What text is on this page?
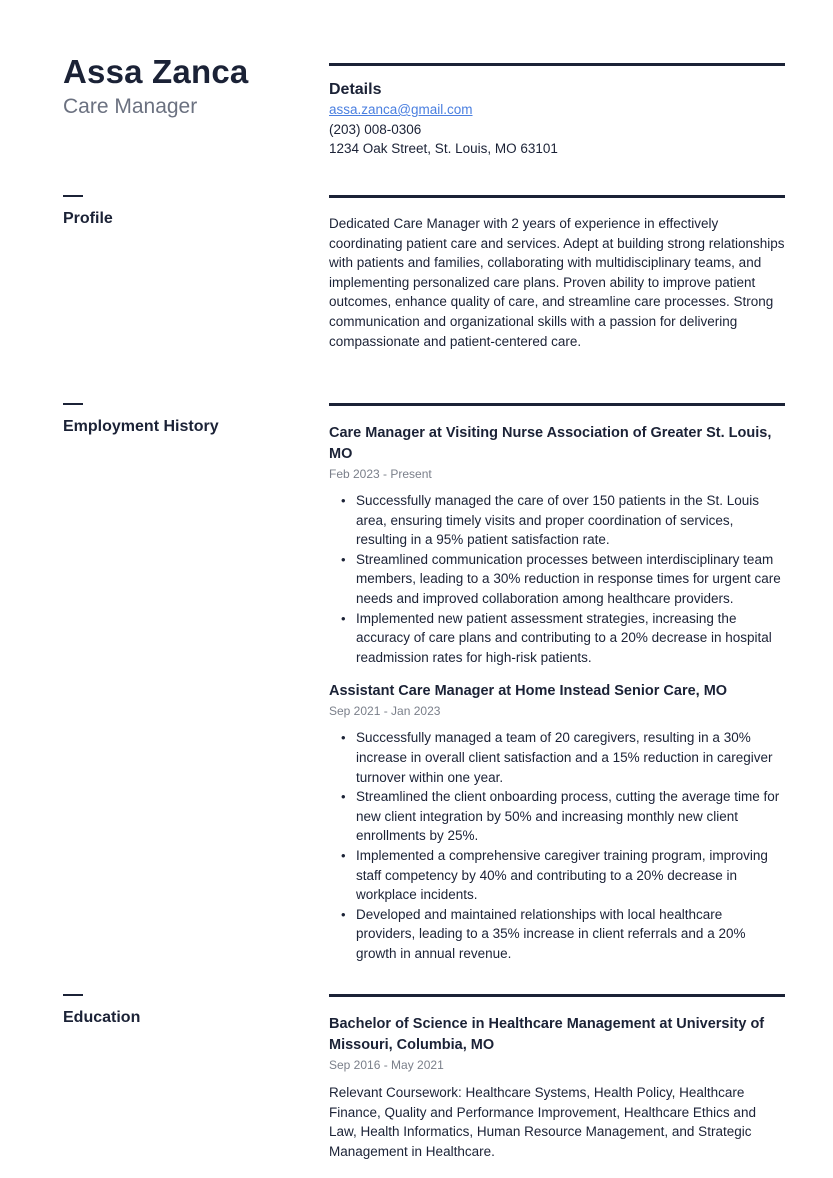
Assa Zanca
Care Manager
Details
assa.zanca@gmail.com
(203) 008-0306
1234 Oak Street, St. Louis, MO 63101
Profile	Dedicated Care Manager with 2 years of experience in effectively coordinating patient care and services. Adept at building strong relationships with patients and families, collaborating with multidisciplinary teams, and implementing personalized care plans. Proven ability to improve patient outcomes, enhance quality of care, and streamline care processes. Strong communication and organizational skills with a passion for delivering compassionate and patient-centered care.
Employment History	Care Manager at Visiting Nurse Association of Greater St. Louis, MO
Feb 2023 - Present
• Successfully managed the care of over 150 patients in the St. Louis area, ensuring timely visits and proper coordination of services, resulting in a 95% patient satisfaction rate.
• Streamlined communication processes between interdisciplinary team members, leading to a 30% reduction in response times for urgent care needs and improved collaboration among healthcare providers.
• Implemented new patient assessment strategies, increasing the accuracy of care plans and contributing to a 20% decrease in hospital readmission rates for high-risk patients.
Assistant Care Manager at Home Instead Senior Care, MO
Sep 2021 - Jan 2023
• Successfully managed a team of 20 caregivers, resulting in a 30% increase in overall client satisfaction and a 15% reduction in caregiver turnover within one year.
• Streamlined the client onboarding process, cutting the average time for new client integration by 50% and increasing monthly new client enrollments by 25%.
• Implemented a comprehensive caregiver training program, improving staff competency by 40% and contributing to a 20% decrease in workplace incidents.
• Developed and maintained relationships with local healthcare providers, leading to a 35% increase in client referrals and a 20% growth in annual revenue.
Education	Bachelor of Science in Healthcare Management at University of Missouri, Columbia, MO
Sep 2016 - May 2021
Relevant Coursework: Healthcare Systems, Health Policy, Healthcare Finance, Quality and Performance Improvement, Healthcare Ethics and Law, Health Informatics, Human Resource Management, and Strategic Management in Healthcare.
